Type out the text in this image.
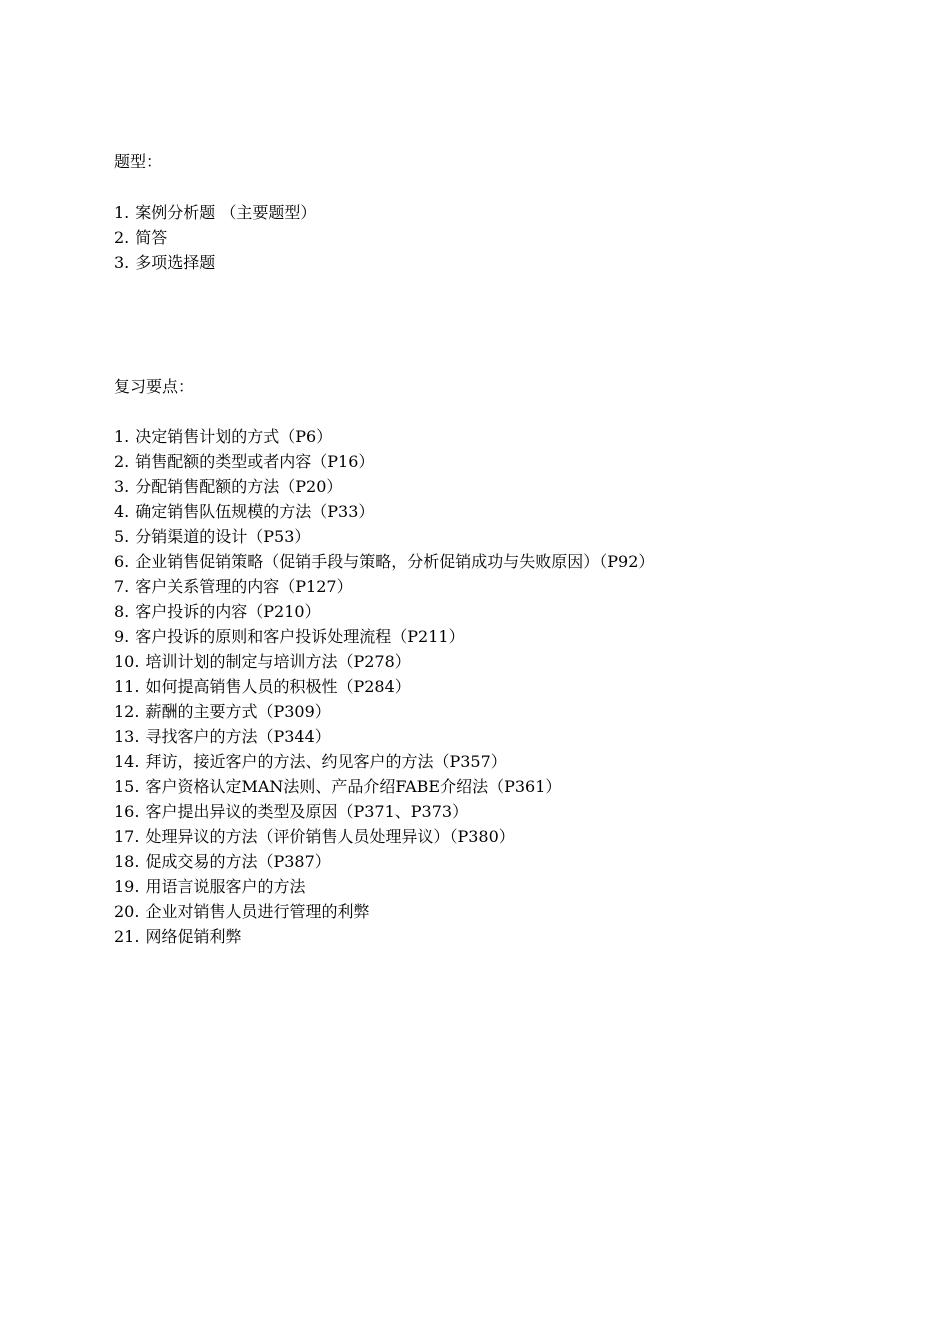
题型：
1. 案例分析题 （主要题型）
2. 简答
3. 多项选择题
复习要点：
1. 决定销售计划的方式（P6）
2. 销售配额的类型或者内容（P16）
3. 分配销售配额的方法（P20）
4. 确定销售队伍规模的方法（P33）
5. 分销渠道的设计（P53）
6. 企业销售促销策略（促销手段与策略，分析促销成功与失败原因）（P92）
7. 客户关系管理的内容（P127）
8. 客户投诉的内容（P210）
9. 客户投诉的原则和客户投诉处理流程（P211）
10. 培训计划的制定与培训方法（P278）
11. 如何提高销售人员的积极性（P284）
12. 薪酬的主要方式（P309）
13. 寻找客户的方法（P344）
14. 拜访，接近客户的方法、约见客户的方法（P357）
15. 客户资格认定MAN法则、产品介绍FABE介绍法（P361）
16. 客户提出异议的类型及原因（P371、P373）
17. 处理异议的方法（评价销售人员处理异议）（P380）
18. 促成交易的方法（P387）
19. 用语言说服客户的方法
20. 企业对销售人员进行管理的利弊
21. 网络促销利弊
